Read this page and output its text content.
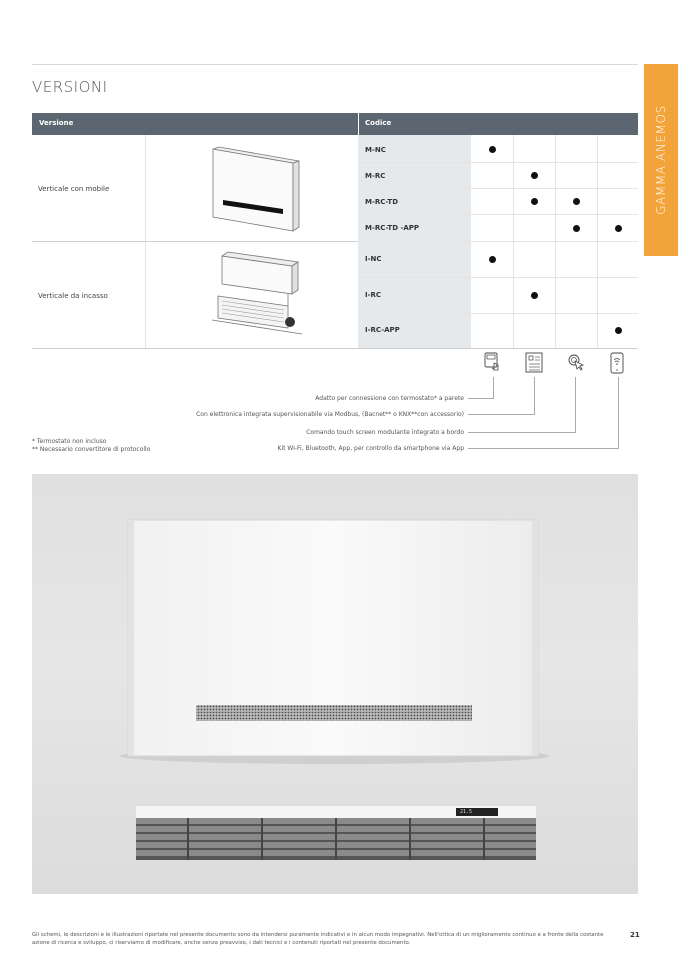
VERSIONI
GAMMA ANEMOS
Versione	Codice
Verticale con mobile
M-NC
M-RC
M-RC-TD
M-RC-TD -APP
Verticale da incasso
I-NC
I-RC
I-RC-APP
Adatto per connessione con termostato* a parete
Con elettronica integrata supervisionabile via Modbus, (Bacnet** o KNX**con accessorio)
Comando touch screen modulante integrato a bordo
Kit Wi-Fi, Bluetooth, App, per controllo da smartphone via App
* Termostato non incluso
** Necessario convertitore di protocollo
21.5
Gli schemi, le descrizioni e le illustrazioni riportate nel presente documento sono da intendersi puramente indicativi e in alcun modo impegnativi. Nell'ottica di un miglioramento continuo e a fronte della costante azione di ricerca e sviluppo, ci riserviamo di modificare, anche senza preavviso, i dati tecnici e i contenuti riportati nel presente documento.
21
